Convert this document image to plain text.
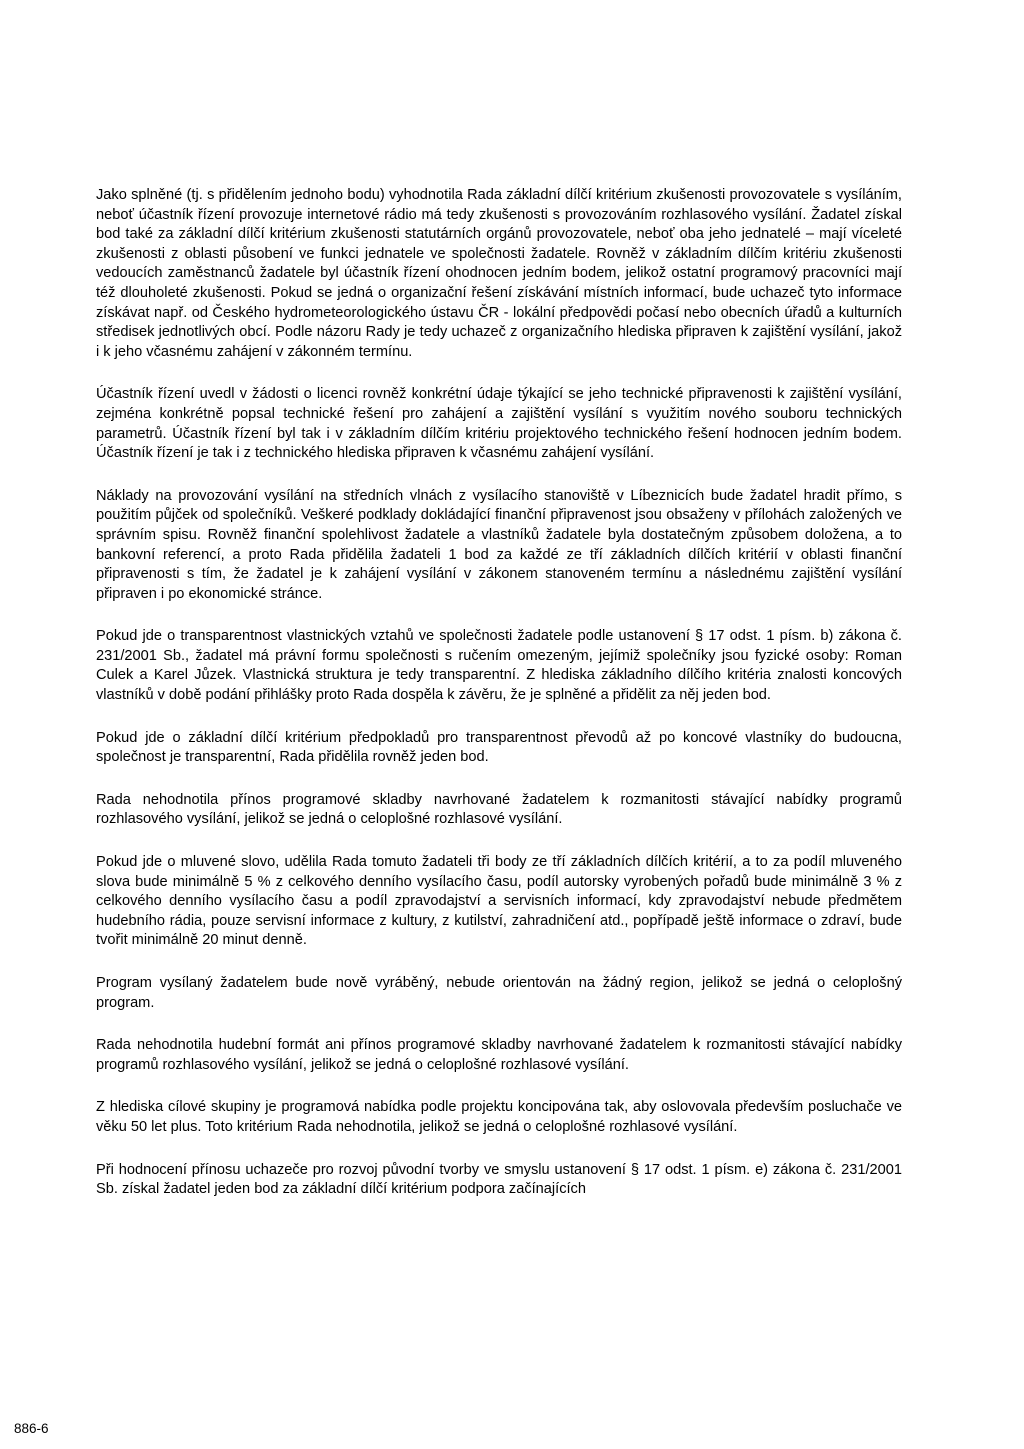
Jako splněné (tj. s přidělením jednoho bodu) vyhodnotila Rada základní dílčí kritérium zkušenosti provozovatele s vysíláním, neboť účastník řízení provozuje internetové rádio má tedy zkušenosti s provozováním rozhlasového vysílání. Žadatel získal bod také za základní dílčí kritérium zkušenosti statutárních orgánů provozovatele, neboť oba jeho jednatelé – mají víceleté zkušenosti z oblasti působení ve funkci jednatele ve společnosti žadatele. Rovněž v základním dílčím kritériu zkušenosti vedoucích zaměstnanců žadatele byl účastník řízení ohodnocen jedním bodem, jelikož ostatní programový pracovníci mají též dlouholeté zkušenosti. Pokud se jedná o organizační řešení získávání místních informací, bude uchazeč tyto informace získávat např. od Českého hydrometeorologického ústavu ČR - lokální předpovědi počasí nebo obecních úřadů a kulturních středisek jednotlivých obcí. Podle názoru Rady je tedy uchazeč z organizačního hlediska připraven k zajištění vysílání, jakož i k jeho včasnému zahájení v zákonném termínu.

Účastník řízení uvedl v žádosti o licenci rovněž konkrétní údaje týkající se jeho technické připravenosti k zajištění vysílání, zejména konkrétně popsal technické řešení pro zahájení a zajištění vysílání s využitím nového souboru technických parametrů. Účastník řízení byl tak i v základním dílčím kritériu projektového technického řešení hodnocen jedním bodem. Účastník řízení je tak i z technického hlediska připraven k včasnému zahájení vysílání.

Náklady na provozování vysílání na středních vlnách z vysílacího stanoviště v Líbeznicích bude žadatel hradit přímo, s použitím půjček od společníků. Veškeré podklady dokládající finanční připravenost jsou obsaženy v přílohách založených ve správním spisu. Rovněž finanční spolehlivost žadatele a vlastníků žadatele byla dostatečným způsobem doložena, a to bankovní referencí, a proto Rada přidělila žadateli 1 bod za každé ze tří základních dílčích kritérií v oblasti finanční připravenosti s tím, že žadatel je k zahájení vysílání v zákonem stanoveném termínu a následnému zajištění vysílání připraven i po ekonomické stránce.

Pokud jde o transparentnost vlastnických vztahů ve společnosti žadatele podle ustanovení § 17 odst. 1 písm. b) zákona č. 231/2001 Sb., žadatel má právní formu společnosti s ručením omezeným, jejímiž společníky jsou fyzické osoby: Roman Culek a Karel Jůzek. Vlastnická struktura je tedy transparentní. Z hlediska základního dílčího kritéria znalosti koncových vlastníků v době podání přihlášky proto Rada dospěla k závěru, že je splněné a přidělit za něj jeden bod.

Pokud jde o základní dílčí kritérium předpokladů pro transparentnost převodů až po koncové vlastníky do budoucna, společnost je transparentní, Rada přidělila rovněž jeden bod.

Rada nehodnotila přínos programové skladby navrhované žadatelem k rozmanitosti stávající nabídky programů rozhlasového vysílání, jelikož se jedná o celoplošné rozhlasové vysílání.

Pokud jde o mluvené slovo, udělila Rada tomuto žadateli tři body ze tří základních dílčích kritérií, a to za podíl mluveného slova bude minimálně 5 % z celkového denního vysílacího času, podíl autorsky vyrobených pořadů bude minimálně 3 % z celkového denního vysílacího času a podíl zpravodajství a servisních informací, kdy zpravodajství nebude předmětem hudebního rádia, pouze servisní informace z kultury, z kutilství, zahradničení atd., popřípadě ještě informace o zdraví, bude tvořit minimálně 20 minut denně.

Program vysílaný žadatelem bude nově vyráběný, nebude orientován na žádný region, jelikož se jedná o celoplošný program.

Rada nehodnotila hudební formát ani přínos programové skladby navrhované žadatelem k rozmanitosti stávající nabídky programů rozhlasového vysílání, jelikož se jedná o celoplošné rozhlasové vysílání.

Z hlediska cílové skupiny je programová nabídka podle projektu koncipována tak, aby oslovovala především posluchače ve věku 50 let plus. Toto kritérium Rada nehodnotila, jelikož se jedná o celoplošné rozhlasové vysílání.

Při hodnocení přínosu uchazeče pro rozvoj původní tvorby ve smyslu ustanovení § 17 odst. 1 písm. e) zákona č. 231/2001 Sb. získal žadatel jeden bod za základní dílčí kritérium podpora začínajících

886-6
